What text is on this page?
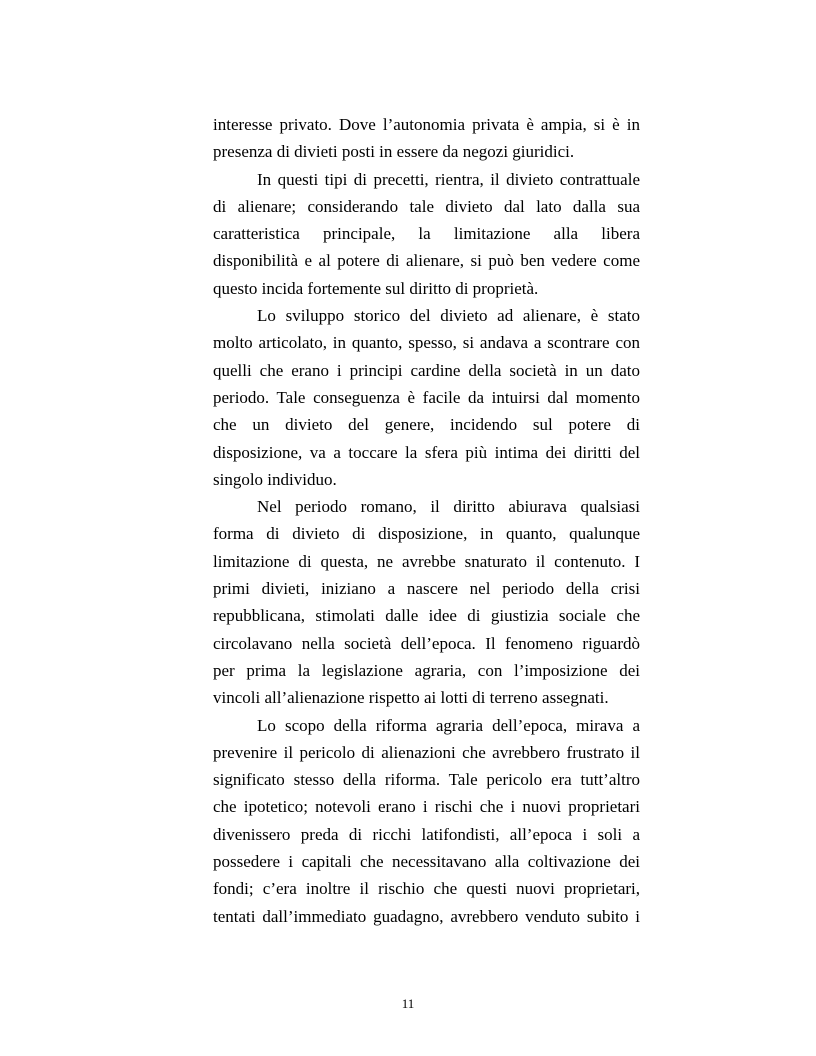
interesse privato. Dove l’autonomia privata è ampia, si è in
presenza di divieti posti in essere da negozi giuridici.
In questi tipi di precetti, rientra, il divieto contrattuale
di alienare; considerando tale divieto dal lato dalla sua
caratteristica principale, la limitazione alla libera
disponibilità e al potere di alienare, si può ben vedere come
questo incida fortemente sul diritto di proprietà.
Lo sviluppo storico del divieto ad alienare, è stato
molto articolato, in quanto, spesso, si andava a scontrare con
quelli che erano i principi cardine della società in un dato
periodo. Tale conseguenza è facile da intuirsi dal momento
che un divieto del genere, incidendo sul potere di
disposizione, va a toccare la sfera più intima dei diritti del
singolo individuo.
Nel periodo romano, il diritto abiurava qualsiasi
forma di divieto di disposizione, in quanto, qualunque
limitazione di questa, ne avrebbe snaturato il contenuto. I
primi divieti, iniziano a nascere nel periodo della crisi
repubblicana, stimolati dalle idee di giustizia sociale che
circolavano nella società dell’epoca. Il fenomeno riguardò
per prima la legislazione agraria, con l’imposizione dei
vincoli all’alienazione rispetto ai lotti di terreno assegnati.
Lo scopo della riforma agraria dell’epoca, mirava a
prevenire il pericolo di alienazioni che avrebbero frustrato il
significato stesso della riforma. Tale pericolo era tutt’altro
che ipotetico; notevoli erano i rischi che i nuovi proprietari
divenissero preda di ricchi latifondisti, all’epoca i soli a
possedere i capitali che necessitavano alla coltivazione dei
fondi; c’era inoltre il rischio che questi nuovi proprietari,
tentati dall’immediato guadagno, avrebbero venduto subito i
11
